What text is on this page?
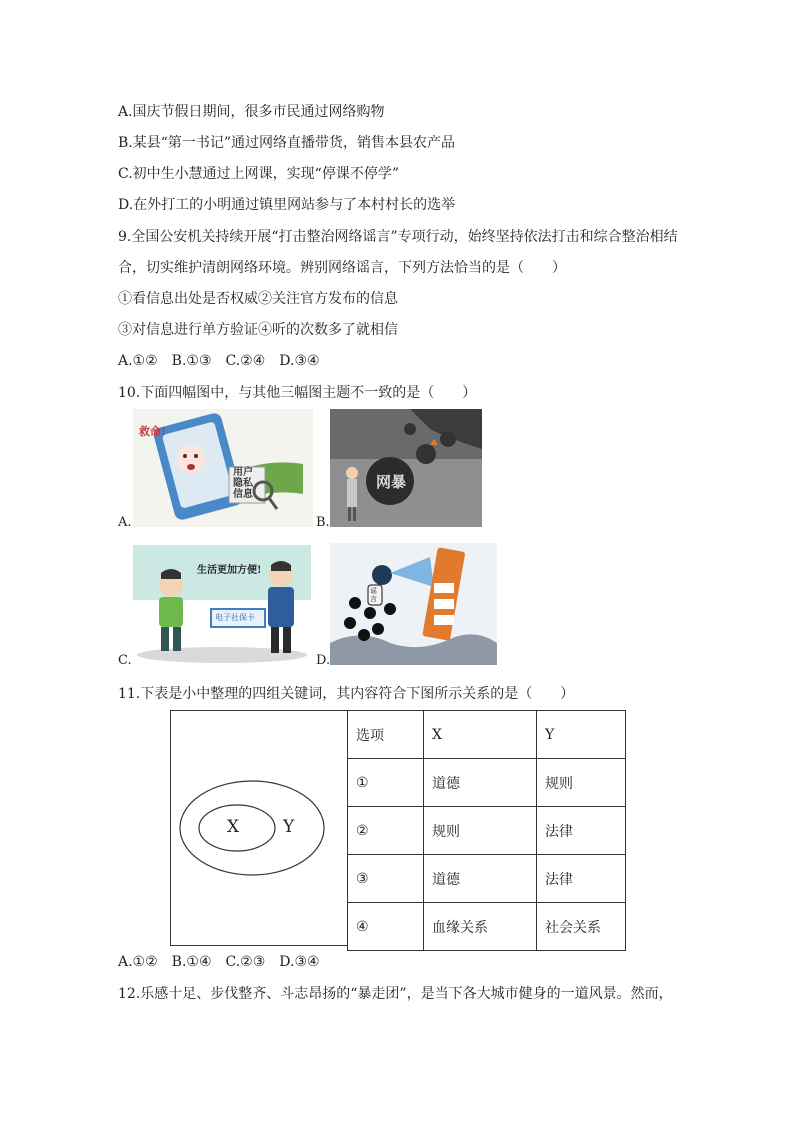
A.国庆节假日期间，很多市民通过网络购物
B.某县“第一书记”通过网络直播带货，销售本县农产品
C.初中生小慧通过上网课，实现“停课不停学”
D.在外打工的小明通过镇里网站参与了本村村长的选举
9.全国公安机关持续开展“打击整治网络谣言”专项行动，始终坚持依法打击和综合整治相结
合，切实维护清朗网络环境。辨别网络谣言，下列方法恰当的是（　　）
①看信息出处是否权威②关注官方发布的信息
③对信息进行单方验证④听的次数多了就相信
A.①②　B.①③　C.②④　D.③④
10.下面四幅图中，与其他三幅图主题不一致的是（　　）
救命!
用户
隐私
信息
A.
网暴
B.
生活更加方便!
电子社保卡
C.
谣言
D.
11.下表是小中整理的四组关键词，其内容符合下图所示关系的是（　　）
X	Y
选项	X	Y
①	道德	规则
②	规则	法律
③	道德	法律
④	血缘关系	社会关系
A.①②　B.①④　C.②③　D.③④
12.乐感十足、步伐整齐、斗志昂扬的“暴走团”，是当下各大城市健身的一道风景。然而，
